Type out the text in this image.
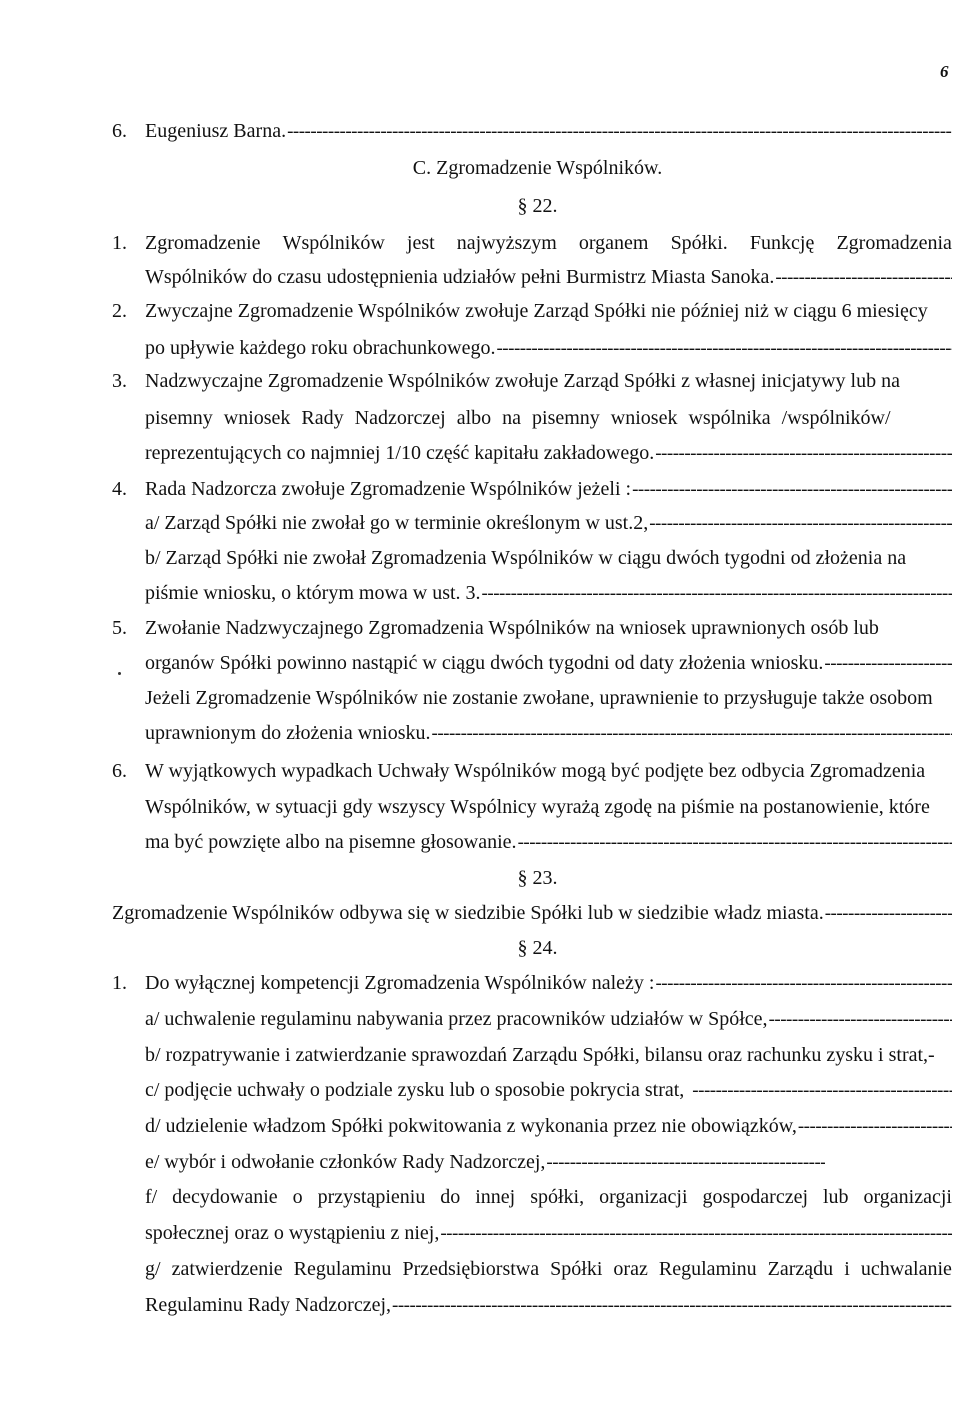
6
6. Eugeniusz Barna.
-----
C. Zgromadzenie Wspólników.
§ 22.
1. Zgromadzenie Wspólników jest najwyższym organem Spółki. Funkcję Zgromadzenia
Wspólników do czasu udostępnienia udziałów pełni Burmistrz Miasta Sanoka.
-----
2. Zwyczajne Zgromadzenie Wspólników zwołuje Zarząd Spółki nie później niż w ciągu 6 miesięcy
po upływie każdego roku obrachunkowego.
-----
3. Nadzwyczajne Zgromadzenie Wspólników zwołuje Zarząd Spółki z własnej inicjatywy lub na
pisemny wniosek Rady Nadzorczej albo na pisemny wniosek wspólnika /wspólników/
reprezentujących co najmniej 1/10 część kapitału zakładowego.
-----
4. Rada Nadzorcza zwołuje Zgromadzenie Wspólników jeżeli :
-----
a/ Zarząd Spółki nie zwołał go w terminie określonym w ust.2,
-----
b/ Zarząd Spółki nie zwołał Zgromadzenia Wspólników w ciągu dwóch tygodni od złożenia na
piśmie wniosku, o którym mowa w ust. 3.
-----
5. Zwołanie Nadzwyczajnego Zgromadzenia Wspólników na wniosek uprawnionych osób lub
organów Spółki powinno nastąpić w ciągu dwóch tygodni od daty złożenia wniosku.
-----
Jeżeli Zgromadzenie Wspólników nie zostanie zwołane, uprawnienie to przysługuje także osobom
uprawnionym do złożenia wniosku.
-----
6. W wyjątkowych wypadkach Uchwały Wspólników mogą być podjęte bez odbycia Zgromadzenia
Wspólników, w sytuacji gdy wszyscy Wspólnicy wyrażą zgodę na piśmie na postanowienie, które
ma być powzięte albo na pisemne głosowanie.
-----
§ 23.
Zgromadzenie Wspólników odbywa się w siedzibie Spółki lub w siedzibie władz miasta.
-----
§ 24.
1. Do wyłącznej kompetencji Zgromadzenia Wspólników należy :
-----
a/ uchwalenie regulaminu nabywania przez pracowników udziałów w Spółce,
-----
b/ rozpatrywanie i zatwierdzanie sprawozdań Zarządu Spółki, bilansu oraz rachunku zysku i strat,-
c/ podjęcie uchwały o podziale zysku lub o sposobie pokrycia strat,
-----
d/ udzielenie władzom Spółki pokwitowania z wykonania przez nie obowiązków,
-----
e/ wybór i odwołanie członków Rady Nadzorczej,
-----
f/ decydowanie o przystąpieniu do innej spółki, organizacji gospodarczej lub organizacji
społecznej oraz o wystąpieniu z niej,
-----
g/ zatwierdzenie Regulaminu Przedsiębiorstwa Spółki oraz Regulaminu Zarządu i uchwalanie
Regulaminu Rady Nadzorczej,
-----
